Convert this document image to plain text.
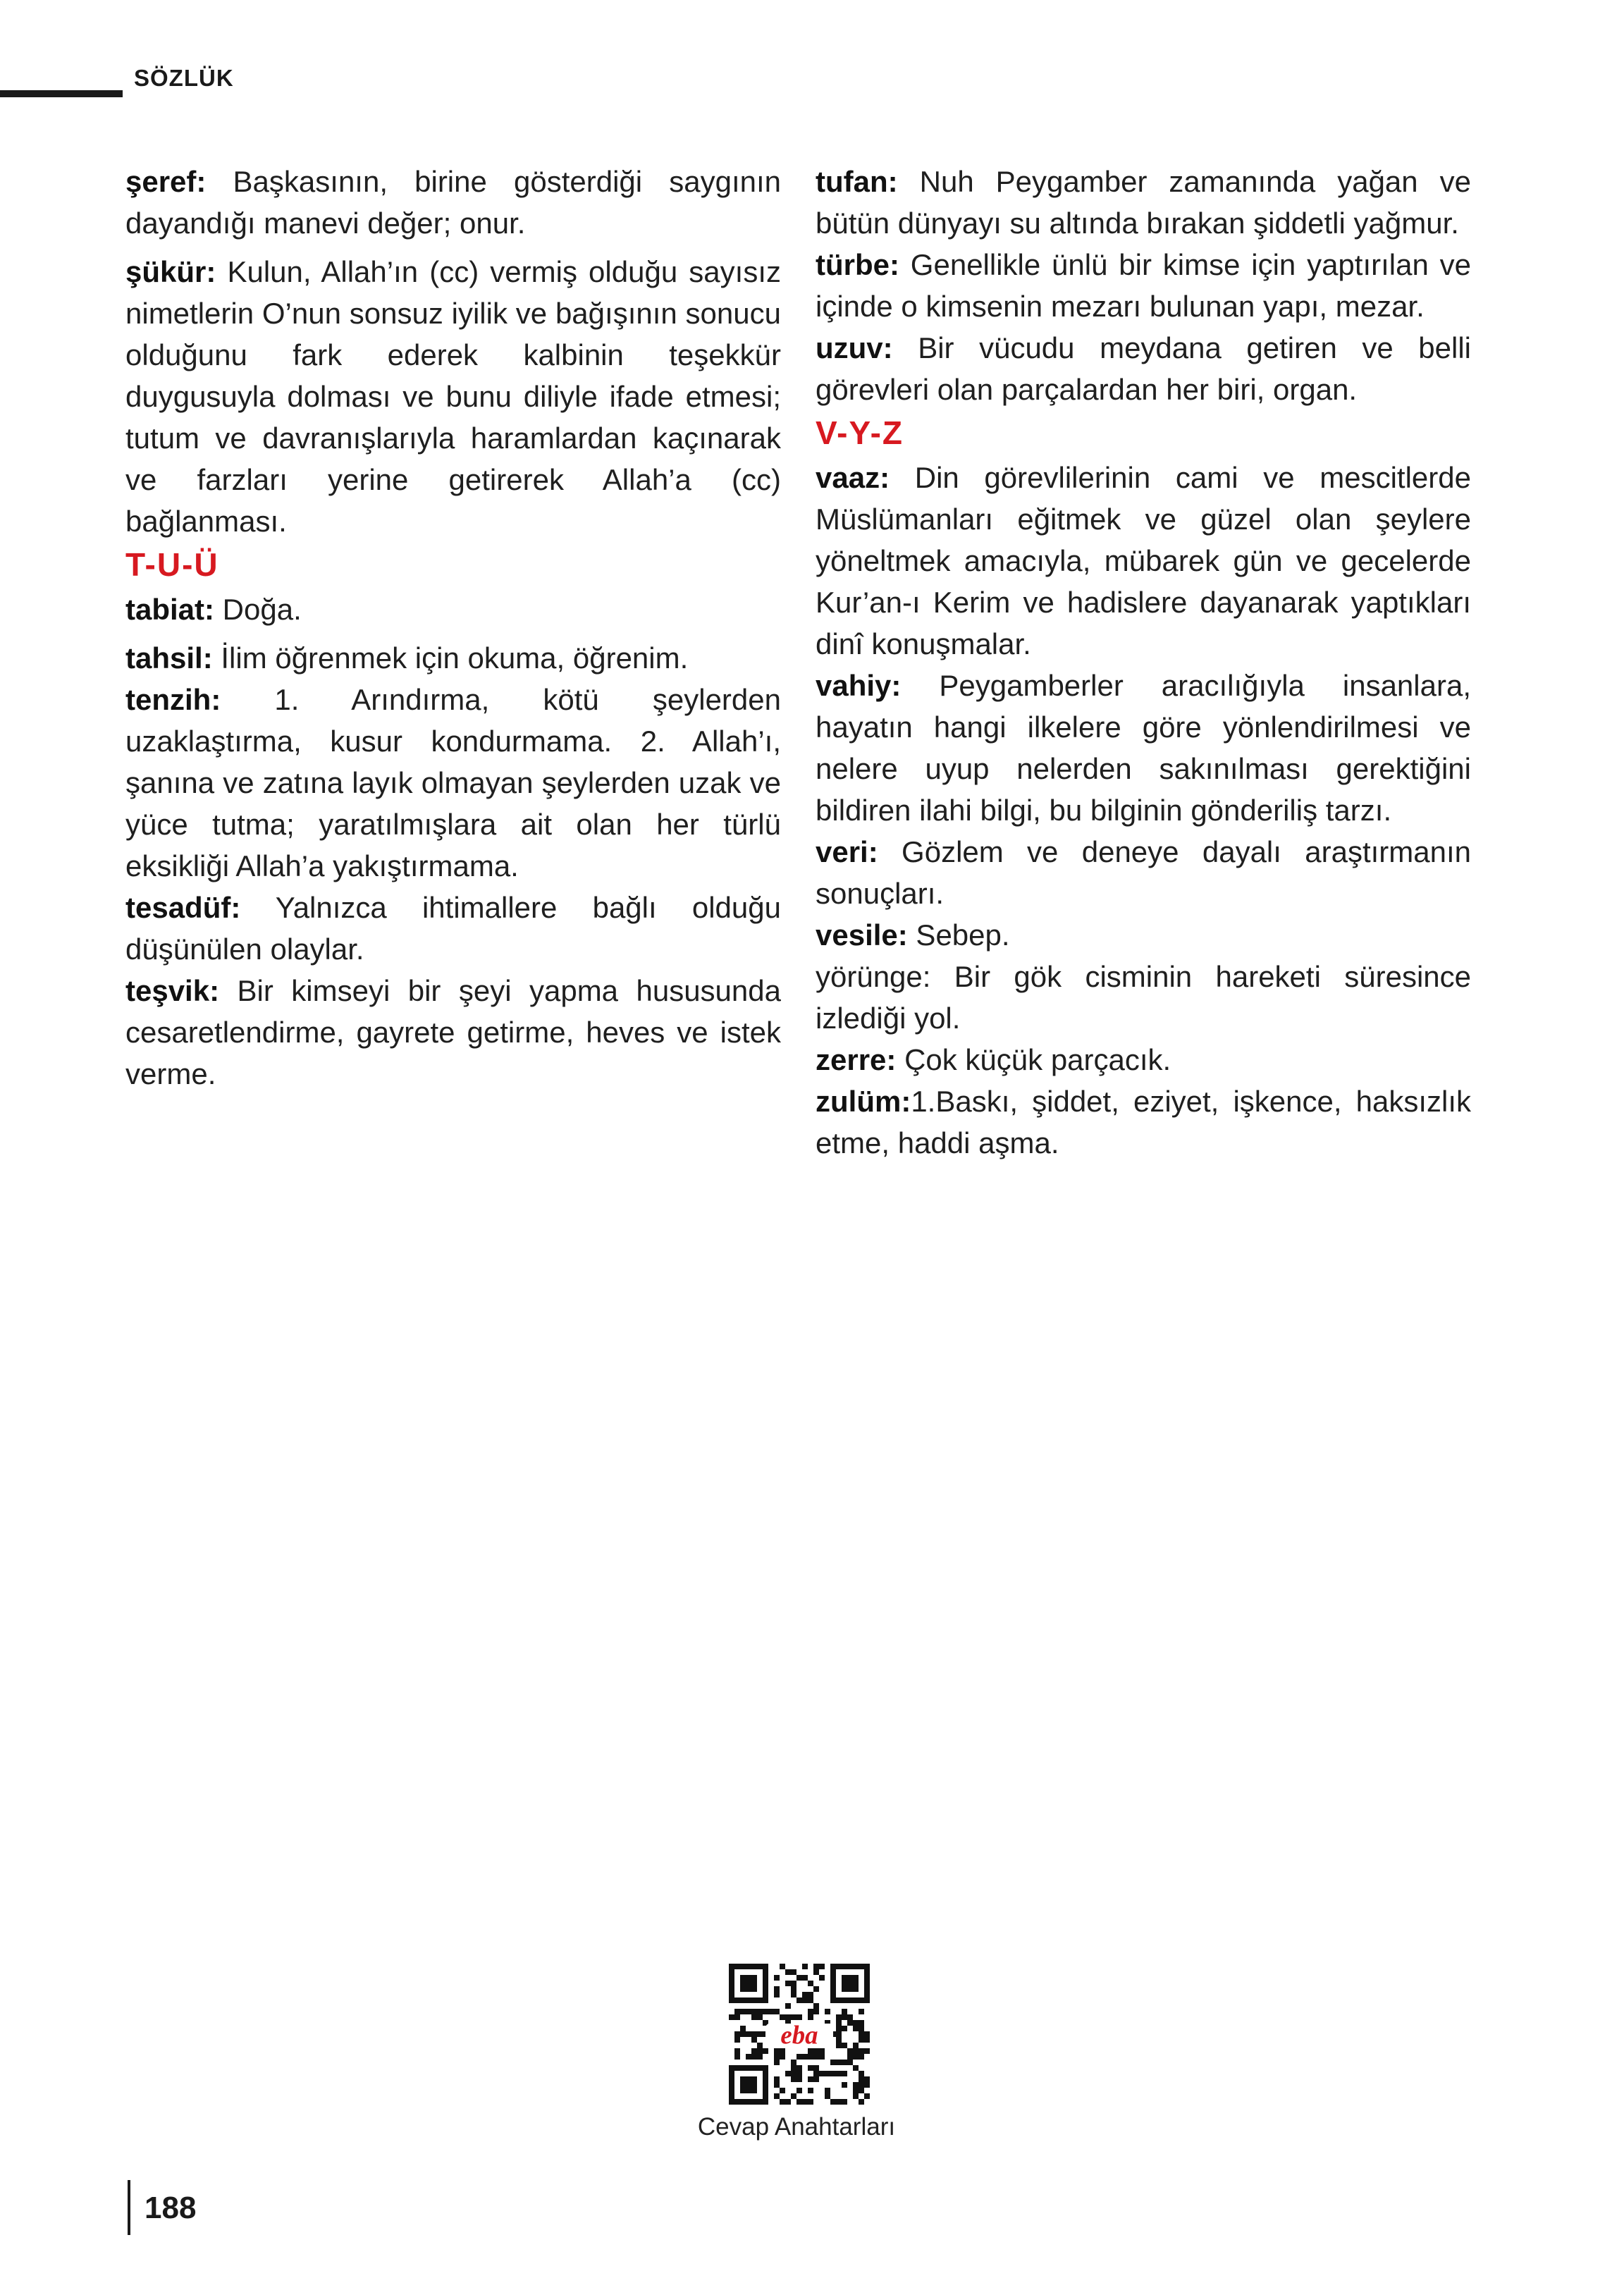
SÖZLÜK

şeref: Başkasının, birine gösterdiği saygının dayandığı manevi değer; onur.

şükür: Kulun, Allah’ın (cc) vermiş olduğu sayısız nimetlerin O’nun sonsuz iyilik ve bağışının sonucu olduğunu fark ederek kalbinin teşekkür duygusuyla dolması ve bunu diliyle ifade etmesi; tutum ve davranışlarıyla haramlardan kaçınarak ve farzları yerine getirerek Allah’a (cc) bağlanması.

T-U-Ü

tabiat: Doğa.

tahsil: İlim öğrenmek için okuma, öğrenim.

tenzih: 1. Arındırma, kötü şeylerden uzaklaştırma, kusur kondurmama. 2. Allah’ı, şanına ve zatına layık olmayan şeylerden uzak ve yüce tutma; yaratılmışlara ait olan her türlü eksikliği Allah’a yakıştırmama.

tesadüf: Yalnızca ihtimallere bağlı olduğu düşünülen olaylar.

teşvik: Bir kimseyi bir şeyi yapma hususunda cesaretlendirme, gayrete getirme, heves ve istek verme.

tufan: Nuh Peygamber zamanında yağan ve bütün dünyayı su altında bırakan şiddetli yağmur.

türbe: Genellikle ünlü bir kimse için yaptırılan ve içinde o kimsenin mezarı bulunan yapı, mezar.

uzuv: Bir vücudu meydana getiren ve belli görevleri olan parçalardan her biri, organ.

V-Y-Z

vaaz: Din görevlilerinin cami ve mescitlerde Müslümanları eğitmek ve güzel olan şeylere yöneltmek amacıyla, mübarek gün ve gecelerde Kur’an-ı Kerim ve hadislere dayanarak yaptıkları dinî konuşmalar.

vahiy: Peygamberler aracılığıyla insanlara, hayatın hangi ilkelere göre yönlendirilmesi ve nelere uyup nelerden sakınılması gerektiğini bildiren ilahi bilgi, bu bilginin gönderiliş tarzı.

veri: Gözlem ve deneye dayalı araştırmanın sonuçları.

vesile: Sebep.

yörünge: Bir gök cisminin hareketi süresince izlediği yol.

zerre: Çok küçük parçacık.

zulüm:1.Baskı, şiddet, eziyet, işkence, haksızlık etme, haddi aşma.

eba
Cevap Anahtarları
188
